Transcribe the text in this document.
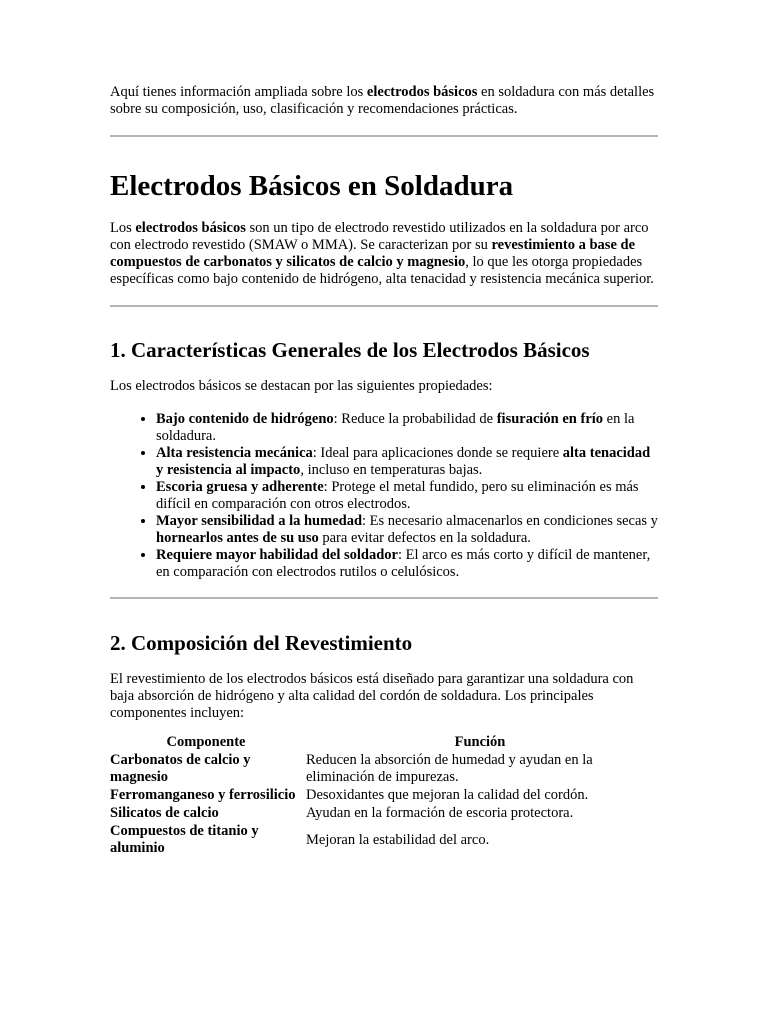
Aquí tienes información ampliada sobre los electrodos básicos en soldadura con más detalles sobre su composición, uso, clasificación y recomendaciones prácticas.

Electrodos Básicos en Soldadura

Los electrodos básicos son un tipo de electrodo revestido utilizados en la soldadura por arco con electrodo revestido (SMAW o MMA). Se caracterizan por su revestimiento a base de compuestos de carbonatos y silicatos de calcio y magnesio, lo que les otorga propiedades específicas como bajo contenido de hidrógeno, alta tenacidad y resistencia mecánica superior.

1. Características Generales de los Electrodos Básicos

Los electrodos básicos se destacan por las siguientes propiedades:

• Bajo contenido de hidrógeno: Reduce la probabilidad de fisuración en frío en la soldadura.
• Alta resistencia mecánica: Ideal para aplicaciones donde se requiere alta tenacidad y resistencia al impacto, incluso en temperaturas bajas.
• Escoria gruesa y adherente: Protege el metal fundido, pero su eliminación es más difícil en comparación con otros electrodos.
• Mayor sensibilidad a la humedad: Es necesario almacenarlos en condiciones secas y hornearlos antes de su uso para evitar defectos en la soldadura.
• Requiere mayor habilidad del soldador: El arco es más corto y difícil de mantener, en comparación con electrodos rutilos o celulósicos.
2. Composición del Revestimiento

El revestimiento de los electrodos básicos está diseñado para garantizar una soldadura con baja absorción de hidrógeno y alta calidad del cordón de soldadura. Los principales componentes incluyen:

Componente	Función
Carbonatos de calcio y magnesio	Reducen la absorción de humedad y ayudan en la eliminación de impurezas.
Ferromanganeso y ferrosilicio	Desoxidantes que mejoran la calidad del cordón.
Silicatos de calcio	Ayudan en la formación de escoria protectora.
Compuestos de titanio y aluminio	Mejoran la estabilidad del arco.
